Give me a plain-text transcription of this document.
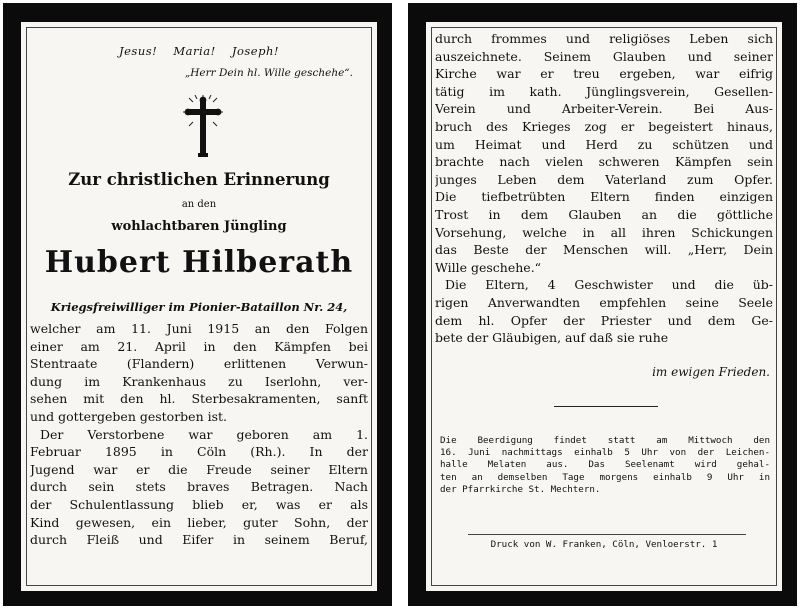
Jesus! Maria! Joseph!
„Herr Dein hl. Wille geschehe“.
Zur christlichen Erinnerung
an den
wohlachtbaren Jüngling
Hubert Hilberath
Kriegsfreiwilliger im Pionier-Bataillon Nr. 24,
welcher am 11. Juni 1915 an den Folgen
einer am 21. April in den Kämpfen bei
Stentraate (Flandern) erlittenen Verwun-
dung im Krankenhaus zu Iserlohn, ver-
sehen mit den hl. Sterbesakramenten, sanft
und gottergeben gestorben ist.
Der Verstorbene war geboren am 1.
Februar 1895 in Cöln (Rh.). In der
Jugend war er die Freude seiner Eltern
durch sein stets braves Betragen. Nach
der Schulentlassung blieb er, was er als
Kind gewesen, ein lieber, guter Sohn, der
durch Fleiß und Eifer in seinem Beruf,
durch frommes und religiöses Leben sich
auszeichnete. Seinem Glauben und seiner
Kirche war er treu ergeben, war eifrig
tätig im kath. Jünglingsverein, Gesellen-
Verein und Arbeiter-Verein. Bei Aus-
bruch des Krieges zog er begeistert hinaus,
um Heimat und Herd zu schützen und
brachte nach vielen schweren Kämpfen sein
junges Leben dem Vaterland zum Opfer.
Die tiefbetrübten Eltern finden einzigen
Trost in dem Glauben an die göttliche
Vorsehung, welche in all ihren Schickungen
das Beste der Menschen will. „Herr, Dein
Wille geschehe.“
Die Eltern, 4 Geschwister und die üb-
rigen Anverwandten empfehlen seine Seele
dem hl. Opfer der Priester und dem Ge-
bete der Gläubigen, auf daß sie ruhe
im ewigen Frieden.
Die Beerdigung findet statt am Mittwoch den
16. Juni nachmittags einhalb 5 Uhr von der Leichen-
halle Melaten aus. Das Seelenamt wird gehal-
ten an demselben Tage morgens einhalb 9 Uhr in
der Pfarrkirche St. Mechtern.
Druck von W. Franken, Cöln, Venloerstr. 1
